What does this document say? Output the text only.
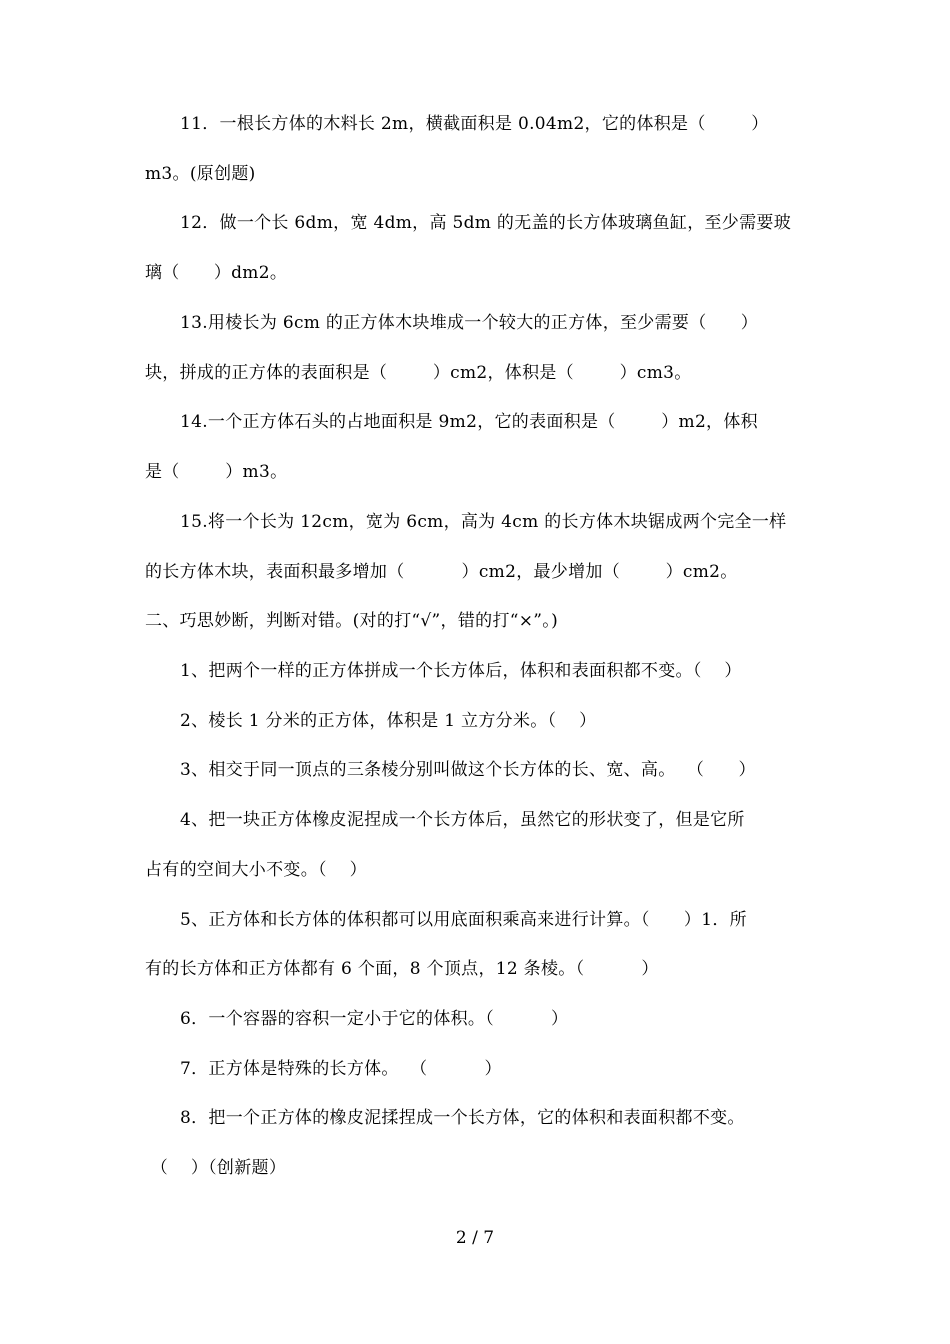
11．一根长方体的木料长 2m，横截面积是 0.04m2，它的体积是（        ）
m3。(原创题)
12．做一个长 6dm，宽 4dm，高 5dm 的无盖的长方体玻璃鱼缸，至少需要玻
璃（      ）dm2。
13.用棱长为 6cm 的正方体木块堆成一个较大的正方体，至少需要（      ）
块，拼成的正方体的表面积是（        ）cm2，体积是（        ）cm3。
14.一个正方体石头的占地面积是 9m2，它的表面积是（        ）m2，体积
是（        ）m3。
15.将一个长为 12cm，宽为 6cm，高为 4cm 的长方体木块锯成两个完全一样
的长方体木块，表面积最多增加（          ）cm2，最少增加（        ）cm2。
二、巧思妙断，判断对错。(对的打“√”，错的打“×”。)
1、把两个一样的正方体拼成一个长方体后，体积和表面积都不变。（    ）
2、棱长 1 分米的正方体，体积是 1 立方分米。（    ）
3、相交于同一顶点的三条棱分别叫做这个长方体的长、宽、高。  （      ）
4、把一块正方体橡皮泥捏成一个长方体后，虽然它的形状变了，但是它所
占有的空间大小不变。（    ）
5、正方体和长方体的体积都可以用底面积乘高来进行计算。（      ）1．所
有的长方体和正方体都有 6 个面，8 个顶点，12 条棱。（          ）
6．一个容器的容积一定小于它的体积。（          ）
7．正方体是特殊的长方体。  （          ）
8．把一个正方体的橡皮泥揉捏成一个长方体，它的体积和表面积都不变。
（    ）（创新题）
2 / 7
